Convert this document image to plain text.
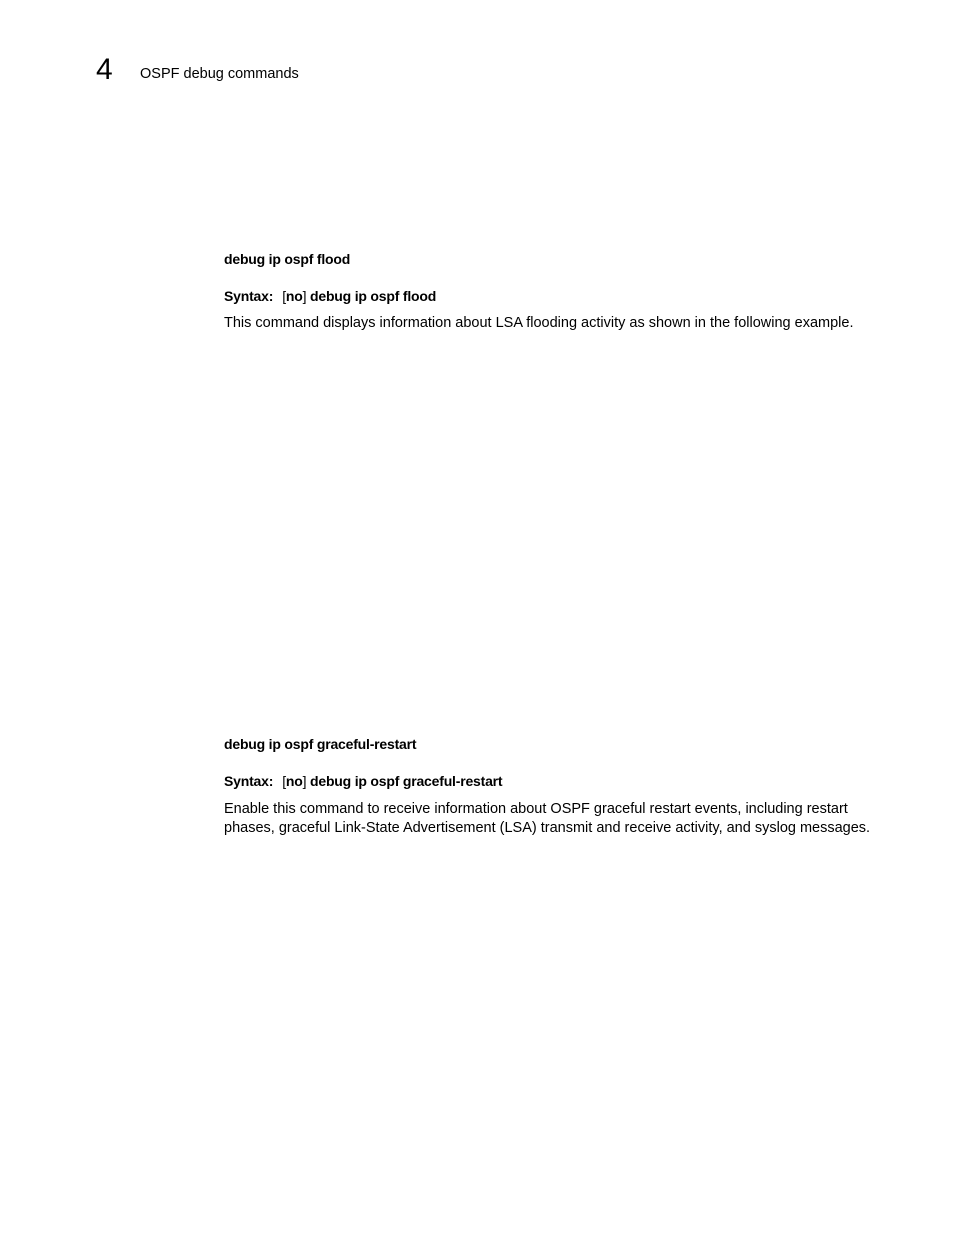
4 OSPF debug commands
debug ip ospf flood
Syntax: [no] debug ip ospf flood
This command displays information about LSA flooding activity as shown in the following example.
debug ip ospf graceful-restart
Syntax: [no] debug ip ospf graceful-restart
Enable this command to receive information about OSPF graceful restart events, including restart phases, graceful Link-State Advertisement (LSA) transmit and receive activity, and syslog messages.
